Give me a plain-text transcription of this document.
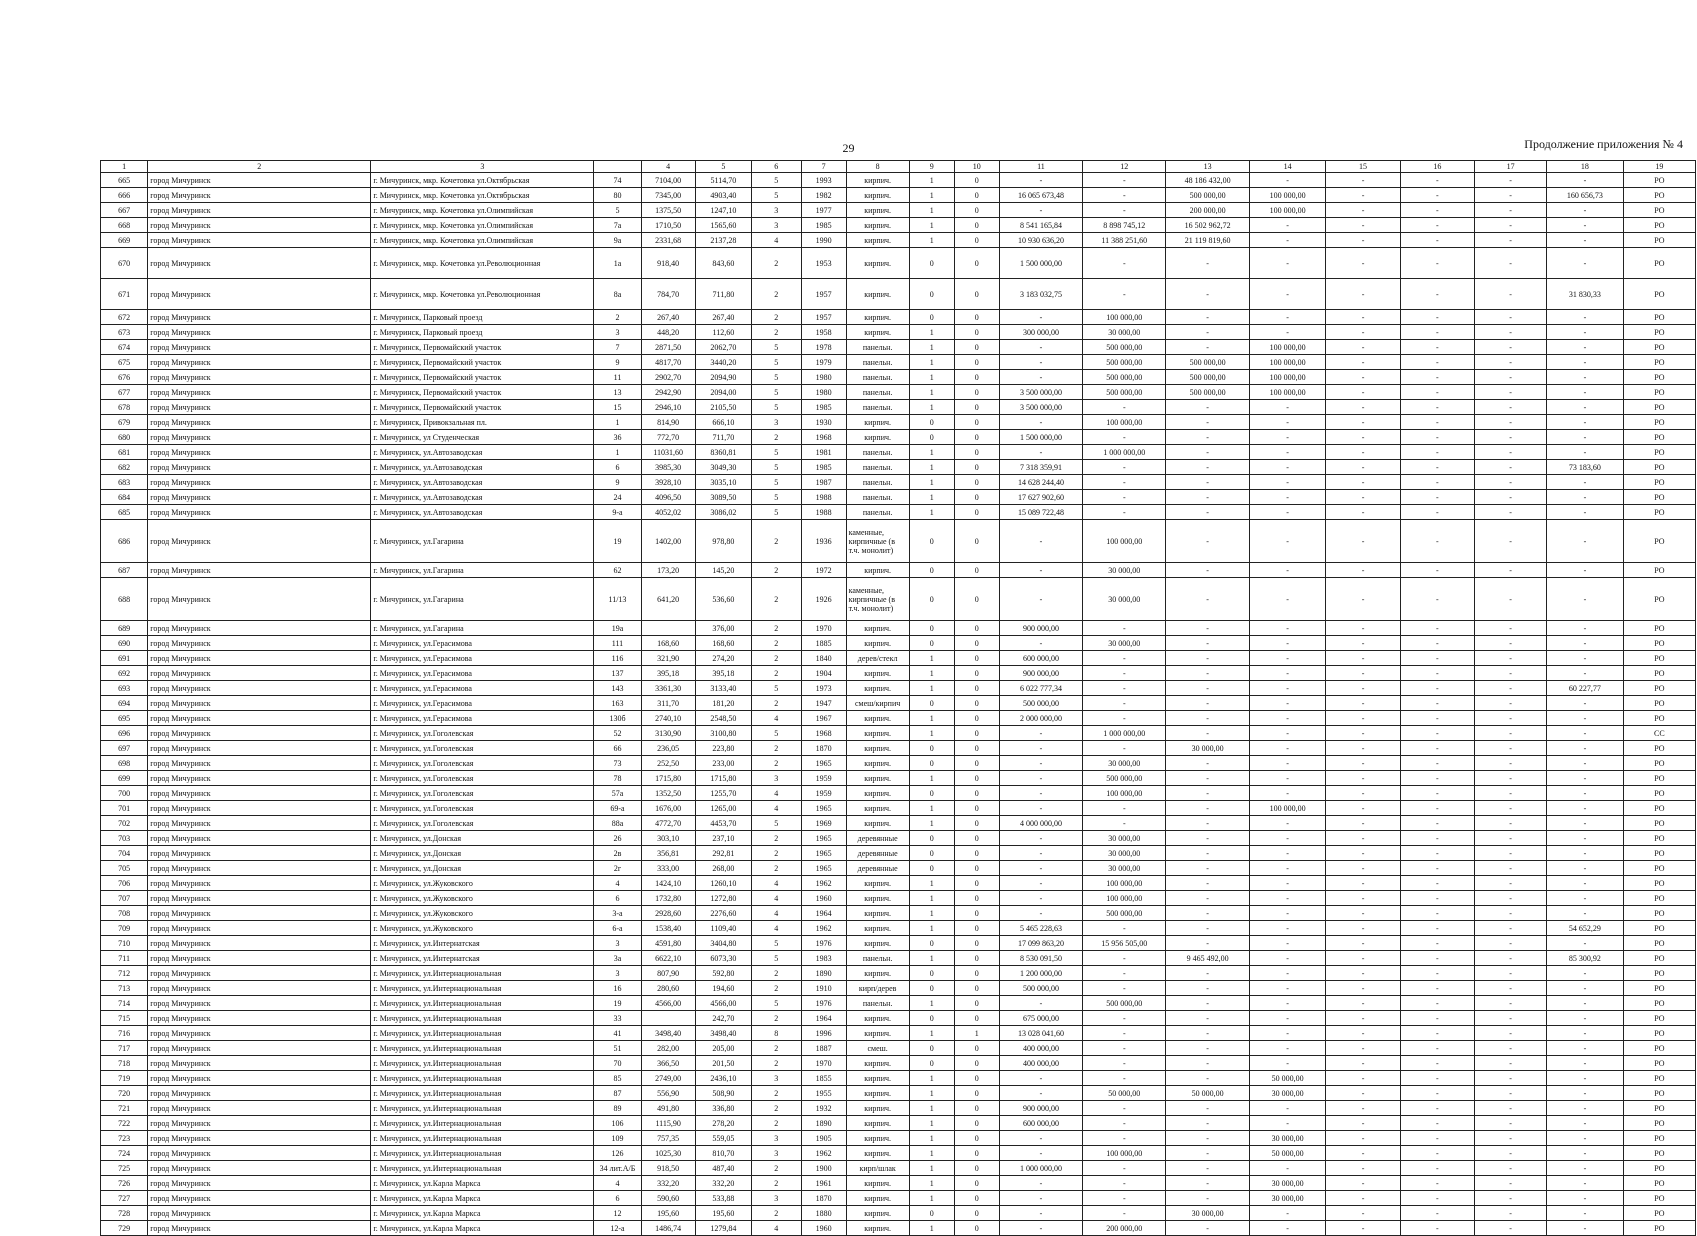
29	Продолжение приложения № 4
1	2	3		4	5	6	7	8	9	10	11	12	13	14	15	16	17	18	19
665	город Мичуринск	г. Мичуринск, мкр. Кочетовка ул.Октябрьская	74	7104,00	5114,70	5	1993	кирпич.	1	0	-	-	48 186 432,00	-	-	-	-	-	РО
666	город Мичуринск	г. Мичуринск, мкр. Кочетовка ул.Октябрьская	80	7345,00	4903,40	5	1982	кирпич.	1	0	16 065 673,48	-	500 000,00	100 000,00	-	-	-	160 656,73	РО
667	город Мичуринск	г. Мичуринск, мкр. Кочетовка ул.Олимпийская	5	1375,50	1247,10	3	1977	кирпич.	1	0	-	-	200 000,00	100 000,00	-	-	-	-	РО
668	город Мичуринск	г. Мичуринск, мкр. Кочетовка ул.Олимпийская	7а	1710,50	1565,60	3	1985	кирпич.	1	0	8 541 165,84	8 898 745,12	16 502 962,72	-	-	-	-	-	РО
669	город Мичуринск	г. Мичуринск, мкр. Кочетовка ул.Олимпийская	9а	2331,68	2137,28	4	1990	кирпич.	1	0	10 930 636,20	11 388 251,60	21 119 819,60	-	-	-	-	-	РО
670	город Мичуринск	г. Мичуринск, мкр. Кочетовка ул.Революционная	1а	918,40	843,60	2	1953	кирпич.	0	0	1 500 000,00	-	-	-	-	-	-	-	РО
671	город Мичуринск	г. Мичуринск, мкр. Кочетовка ул.Революционная	8а	784,70	711,80	2	1957	кирпич.	0	0	3 183 032,75	-	-	-	-	-	-	31 830,33	РО
672	город Мичуринск	г. Мичуринск, Парковый проезд	2	267,40	267,40	2	1957	кирпич.	0	0	-	100 000,00	-	-	-	-	-	-	РО
673	город Мичуринск	г. Мичуринск, Парковый проезд	3	448,20	112,60	2	1958	кирпич.	1	0	300 000,00	30 000,00	-	-	-	-	-	-	РО
674	город Мичуринск	г. Мичуринск, Первомайский участок	7	2871,50	2062,70	5	1978	панельн.	1	0	-	500 000,00	-	100 000,00	-	-	-	-	РО
675	город Мичуринск	г. Мичуринск, Первомайский участок	9	4817,70	3440,20	5	1979	панельн.	1	0	-	500 000,00	500 000,00	100 000,00	-	-	-	-	РО
676	город Мичуринск	г. Мичуринск, Первомайский участок	11	2902,70	2094,90	5	1980	панельн.	1	0	-	500 000,00	500 000,00	100 000,00	-	-	-	-	РО
677	город Мичуринск	г. Мичуринск, Первомайский участок	13	2942,90	2094,00	5	1980	панельн.	1	0	3 500 000,00	500 000,00	500 000,00	100 000,00	-	-	-	-	РО
678	город Мичуринск	г. Мичуринск, Первомайский участок	15	2946,10	2105,50	5	1985	панельн.	1	0	3 500 000,00	-	-	-	-	-	-	-	РО
679	город Мичуринск	г. Мичуринск, Привокзальная пл.	1	814,90	666,10	3	1930	кирпич.	0	0	-	100 000,00	-	-	-	-	-	-	РО
680	город Мичуринск	г. Мичуринск, ул Студенческая	36	772,70	711,70	2	1968	кирпич.	0	0	1 500 000,00	-	-	-	-	-	-	-	РО
681	город Мичуринск	г. Мичуринск, ул.Автозаводская	1	11031,60	8360,81	5	1981	панельн.	1	0	-	1 000 000,00	-	-	-	-	-	-	РО
682	город Мичуринск	г. Мичуринск, ул.Автозаводская	6	3985,30	3049,30	5	1985	панельн.	1	0	7 318 359,91	-	-	-	-	-	-	73 183,60	РО
683	город Мичуринск	г. Мичуринск, ул.Автозаводская	9	3928,10	3035,10	5	1987	панельн.	1	0	14 628 244,40	-	-	-	-	-	-	-	РО
684	город Мичуринск	г. Мичуринск, ул.Автозаводская	24	4096,50	3089,50	5	1988	панельн.	1	0	17 627 902,60	-	-	-	-	-	-	-	РО
685	город Мичуринск	г. Мичуринск, ул.Автозаводская	9-а	4052,02	3086,02	5	1988	панельн.	1	0	15 089 722,48	-	-	-	-	-	-	-	РО
686	город Мичуринск	г. Мичуринск, ул.Гагарина	19	1402,00	978,80	2	1936	каменные, кирпичные (в т.ч. монолит)	0	0	-	100 000,00	-	-	-	-	-	-	РО
687	город Мичуринск	г. Мичуринск, ул.Гагарина	62	173,20	145,20	2	1972	кирпич.	0	0	-	30 000,00	-	-	-	-	-	-	РО
688	город Мичуринск	г. Мичуринск, ул.Гагарина	11/13	641,20	536,60	2	1926	каменные, кирпичные (в т.ч. монолит)	0	0	-	30 000,00	-	-	-	-	-	-	РО
689	город Мичуринск	г. Мичуринск, ул.Гагарина	19а		376,00	2	1970	кирпич.	0	0	900 000,00	-	-	-	-	-	-	-	РО
690	город Мичуринск	г. Мичуринск, ул.Герасимова	111	168,60	168,60	2	1885	кирпич.	0	0	-	30 000,00	-	-	-	-	-	-	РО
691	город Мичуринск	г. Мичуринск, ул.Герасимова	116	321,90	274,20	2	1840	дерев/стекл	1	0	600 000,00	-	-	-	-	-	-	-	РО
692	город Мичуринск	г. Мичуринск, ул.Герасимова	137	395,18	395,18	2	1904	кирпич.	1	0	900 000,00	-	-	-	-	-	-	-	РО
693	город Мичуринск	г. Мичуринск, ул.Герасимова	143	3361,30	3133,40	5	1973	кирпич.	1	0	6 022 777,34	-	-	-	-	-	-	60 227,77	РО
694	город Мичуринск	г. Мичуринск, ул.Герасимова	163	311,70	181,20	2	1947	смеш/кирпич	0	0	500 000,00	-	-	-	-	-	-	-	РО
695	город Мичуринск	г. Мичуринск, ул.Герасимова	130б	2740,10	2548,50	4	1967	кирпич.	1	0	2 000 000,00	-	-	-	-	-	-	-	РО
696	город Мичуринск	г. Мичуринск, ул.Гоголевская	52	3130,90	3100,80	5	1968	кирпич.	1	0	-	1 000 000,00	-	-	-	-	-	-	СС
697	город Мичуринск	г. Мичуринск, ул.Гоголевская	66	236,05	223,80	2	1870	кирпич.	0	0	-	-	30 000,00	-	-	-	-	-	РО
698	город Мичуринск	г. Мичуринск, ул.Гоголевская	73	252,50	233,00	2	1965	кирпич.	0	0	-	30 000,00	-	-	-	-	-	-	РО
699	город Мичуринск	г. Мичуринск, ул.Гоголевская	78	1715,80	1715,80	3	1959	кирпич.	1	0	-	500 000,00	-	-	-	-	-	-	РО
700	город Мичуринск	г. Мичуринск, ул.Гоголевская	57а	1352,50	1255,70	4	1959	кирпич.	0	0	-	100 000,00	-	-	-	-	-	-	РО
701	город Мичуринск	г. Мичуринск, ул.Гоголевская	69-а	1676,00	1265,00	4	1965	кирпич.	1	0	-	-	-	100 000,00	-	-	-	-	РО
702	город Мичуринск	г. Мичуринск, ул.Гоголевская	88а	4772,70	4453,70	5	1969	кирпич.	1	0	4 000 000,00	-	-	-	-	-	-	-	РО
703	город Мичуринск	г. Мичуринск, ул.Донская	26	303,10	237,10	2	1965	деревянные	0	0	-	30 000,00	-	-	-	-	-	-	РО
704	город Мичуринск	г. Мичуринск, ул.Донская	2в	356,81	292,81	2	1965	деревянные	0	0	-	30 000,00	-	-	-	-	-	-	РО
705	город Мичуринск	г. Мичуринск, ул.Донская	2г	333,00	268,00	2	1965	деревянные	0	0	-	30 000,00	-	-	-	-	-	-	РО
706	город Мичуринск	г. Мичуринск, ул.Жуковского	4	1424,10	1260,10	4	1962	кирпич.	1	0	-	100 000,00	-	-	-	-	-	-	РО
707	город Мичуринск	г. Мичуринск, ул.Жуковского	6	1732,80	1272,80	4	1960	кирпич.	1	0	-	100 000,00	-	-	-	-	-	-	РО
708	город Мичуринск	г. Мичуринск, ул.Жуковского	3-а	2928,60	2276,60	4	1964	кирпич.	1	0	-	500 000,00	-	-	-	-	-	-	РО
709	город Мичуринск	г. Мичуринск, ул.Жуковского	6-а	1538,40	1109,40	4	1962	кирпич.	1	0	5 465 228,63	-	-	-	-	-	-	54 652,29	РО
710	город Мичуринск	г. Мичуринск, ул.Интернатская	3	4591,80	3404,80	5	1976	кирпич.	0	0	17 099 863,20	15 956 505,00	-	-	-	-	-	-	РО
711	город Мичуринск	г. Мичуринск, ул.Интернатская	3а	6622,10	6073,30	5	1983	панельн.	1	0	8 530 091,50	-	9 465 492,00	-	-	-	-	85 300,92	РО
712	город Мичуринск	г. Мичуринск, ул.Интернациональная	3	807,90	592,80	2	1890	кирпич.	0	0	1 200 000,00	-	-	-	-	-	-	-	РО
713	город Мичуринск	г. Мичуринск, ул.Интернациональная	16	280,60	194,60	2	1910	кирп/дерев	0	0	500 000,00	-	-	-	-	-	-	-	РО
714	город Мичуринск	г. Мичуринск, ул.Интернациональная	19	4566,00	4566,00	5	1976	панельн.	1	0	-	500 000,00	-	-	-	-	-	-	РО
715	город Мичуринск	г. Мичуринск, ул.Интернациональная	33		242,70	2	1964	кирпич.	0	0	675 000,00	-	-	-	-	-	-	-	РО
716	город Мичуринск	г. Мичуринск, ул.Интернациональная	41	3498,40	3498,40	8	1996	кирпич.	1	1	13 028 041,60	-	-	-	-	-	-	-	РО
717	город Мичуринск	г. Мичуринск, ул.Интернациональная	51	282,00	205,00	2	1887	смеш.	0	0	400 000,00	-	-	-	-	-	-	-	РО
718	город Мичуринск	г. Мичуринск, ул.Интернациональная	70	366,50	201,50	2	1970	кирпич.	0	0	400 000,00	-	-	-	-	-	-	-	РО
719	город Мичуринск	г. Мичуринск, ул.Интернациональная	85	2749,00	2436,10	3	1855	кирпич.	1	0	-	-	-	50 000,00	-	-	-	-	РО
720	город Мичуринск	г. Мичуринск, ул.Интернациональная	87	556,90	508,90	2	1955	кирпич.	1	0	-	50 000,00	50 000,00	30 000,00	-	-	-	-	РО
721	город Мичуринск	г. Мичуринск, ул.Интернациональная	89	491,80	336,80	2	1932	кирпич.	1	0	900 000,00	-	-	-	-	-	-	-	РО
722	город Мичуринск	г. Мичуринск, ул.Интернациональная	106	1115,90	278,20	2	1890	кирпич.	1	0	600 000,00	-	-	-	-	-	-	-	РО
723	город Мичуринск	г. Мичуринск, ул.Интернациональная	109	757,35	559,05	3	1905	кирпич.	1	0	-	-	-	30 000,00	-	-	-	-	РО
724	город Мичуринск	г. Мичуринск, ул.Интернациональная	126	1025,30	810,70	3	1962	кирпич.	1	0	-	100 000,00	-	50 000,00	-	-	-	-	РО
725	город Мичуринск	г. Мичуринск, ул.Интернациональная	34 лит.А/Б	918,50	487,40	2	1900	кирп/шлак	1	0	1 000 000,00	-	-	-	-	-	-	-	РО
726	город Мичуринск	г. Мичуринск, ул.Карла Маркса	4	332,20	332,20	2	1961	кирпич.	1	0	-	-	-	30 000,00	-	-	-	-	РО
727	город Мичуринск	г. Мичуринск, ул.Карла Маркса	6	590,60	533,88	3	1870	кирпич.	1	0	-	-	-	30 000,00	-	-	-	-	РО
728	город Мичуринск	г. Мичуринск, ул.Карла Маркса	12	195,60	195,60	2	1880	кирпич.	0	0	-	-	30 000,00	-	-	-	-	-	РО
729	город Мичуринск	г. Мичуринск, ул.Карла Маркса	12-а	1486,74	1279,84	4	1960	кирпич.	1	0	-	200 000,00	-	-	-	-	-	-	РО
